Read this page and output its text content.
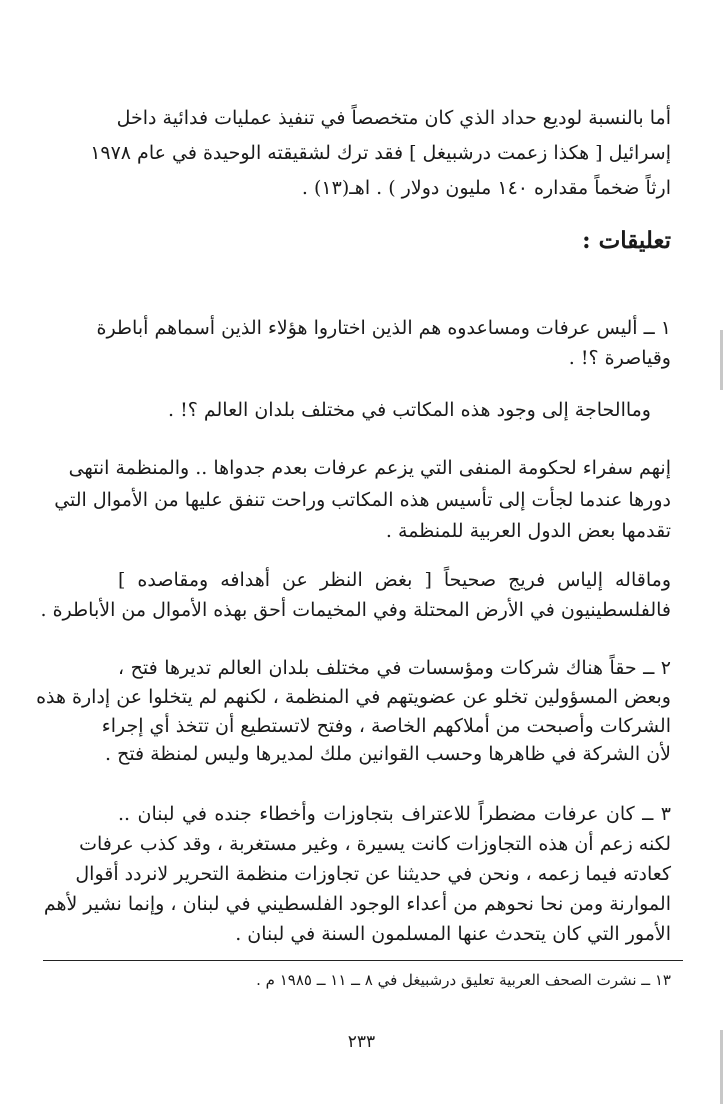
أما بالنسبة لوديع حداد الذي كان متخصصاً في تنفيذ عمليات فدائية داخل
إسرائيل [ هكذا زعمت درشبيغل ] فقد ترك لشقيقته الوحيدة في عام ١٩٧٨
ارثاً ضخماً مقداره ١٤٠ مليون دولار ) . اهـ(١٣) .
تعليقات :
١ ــ أليس عرفات ومساعدوه هم الذين اختاروا هؤلاء الذين أسماهم أباطرة
وقياصرة ؟! .
وماالحاجة إلى وجود هذه المكاتب في مختلف بلدان العالم ؟! .
إنهم سفراء لحكومة المنفى التي يزعم عرفات بعدم جدواها .. والمنظمة انتهى
دورها عندما لجأت إلى تأسيس هذه المكاتب وراحت تنفق عليها من الأموال التي
تقدمها بعض الدول العربية للمنظمة .
وماقاله إلياس فريج صحيحاً [ بغض النظر عن أهدافه ومقاصده ]
فالفلسطينيون في الأرض المحتلة وفي المخيمات أحق بهذه الأموال من الأباطرة .
٢ ــ حقاً هناك شركات ومؤسسات في مختلف بلدان العالم تديرها فتح ،
وبعض المسؤولين تخلو عن عضويتهم في المنظمة ، لكنهم لم يتخلوا عن إدارة هذه
الشركات وأصبحت من أملاكهم الخاصة ، وفتح لاتستطيع أن تتخذ أي إجراء
لأن الشركة في ظاهرها وحسب القوانين ملك لمديرها وليس لمنظة فتح .
٣ ــ كان عرفات مضطراً للاعتراف بتجاوزات وأخطاء جنده في لبنان ..
لكنه زعم أن هذه التجاوزات كانت يسيرة ، وغير مستغربة ، وقد كذب عرفات
كعادته فيما زعمه ، ونحن في حديثنا عن تجاوزات منظمة التحرير لانردد أقوال
الموارنة ومن نحا نحوهم من أعداء الوجود الفلسطيني في لبنان ، وإنما نشير لأهم
الأمور التي كان يتحدث عنها المسلمون السنة في لبنان .
١٣ ــ نشرت الصحف العربية تعليق درشبيغل في ٨ ــ ١١ ــ ١٩٨٥ م .
٢٣٣
